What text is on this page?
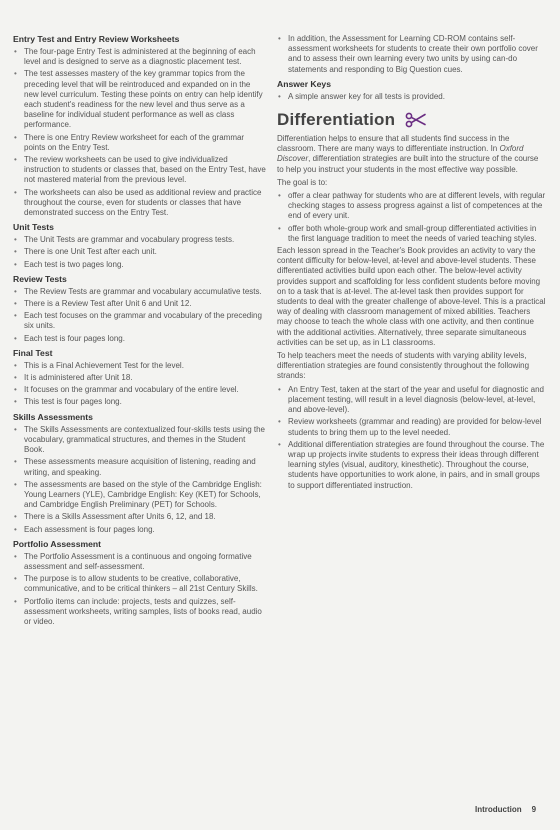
Entry Test and Entry Review Worksheets
• The four-page Entry Test is administered at the beginning of each level and is designed to serve as a diagnostic placement test.
• The test assesses mastery of the key grammar topics from the preceding level that will be reintroduced and expanded on in the new level curriculum. Testing these points on entry can help identify each student's readiness for the new level and thus serve as a baseline for individual student performance as well as class performance.
• There is one Entry Review worksheet for each of the grammar points on the Entry Test.
• The review worksheets can be used to give individualized instruction to students or classes that, based on the Entry Test, have not mastered material from the previous level.
• The worksheets can also be used as additional review and practice throughout the course, even for students or classes that have demonstrated success on the Entry Test.
Unit Tests
• The Unit Tests are grammar and vocabulary progress tests.
• There is one Unit Test after each unit.
• Each test is two pages long.
Review Tests
• The Review Tests are grammar and vocabulary accumulative tests.
• There is a Review Test after Unit 6 and Unit 12.
• Each test focuses on the grammar and vocabulary of the preceding six units.
• Each test is four pages long.
Final Test
• This is a Final Achievement Test for the level.
• It is administered after Unit 18.
• It focuses on the grammar and vocabulary of the entire level.
• This test is four pages long.
Skills Assessments
• The Skills Assessments are contextualized four-skills tests using the vocabulary, grammatical structures, and themes in the Student Book.
• These assessments measure acquisition of listening, reading and writing, and speaking.
• The assessments are based on the style of the Cambridge English: Young Learners (YLE), Cambridge English: Key (KET) for Schools, and Cambridge English Preliminary (PET) for Schools.
• There is a Skills Assessment after Units 6, 12, and 18.
• Each assessment is four pages long.
Portfolio Assessment
• The Portfolio Assessment is a continuous and ongoing formative assessment and self-assessment.
• The purpose is to allow students to be creative, collaborative, communicative, and to be critical thinkers – all 21st Century Skills.
• Portfolio items can include: projects, tests and quizzes, self-assessment worksheets, writing samples, lists of books read, audio or video.
• In addition, the Assessment for Learning CD-ROM contains self-assessment worksheets for students to create their own portfolio cover and to assess their own learning every two units by using can-do statements and responding to Big Question cues.
Answer Keys
• A simple answer key for all tests is provided.
Differentiation

Differentiation helps to ensure that all students find success in the classroom. There are many ways to differentiate instruction. In Oxford Discover, differentiation strategies are built into the structure of the course to help you instruct your students in the most effective way possible.

The goal is to:

• offer a clear pathway for students who are at different levels, with regular checking stages to assess progress against a list of competences at the end of every unit.
• offer both whole-group work and small-group differentiated activities in the first language tradition to meet the needs of varied teaching styles.

Each lesson spread in the Teacher's Book provides an activity to vary the content difficulty for below-level, at-level and above-level students. These differentiated activities build upon each other. The below-level activity provides support and scaffolding for less confident students before moving on to a task that is at-level. The at-level task then provides support for students to deal with the greater challenge of above-level. This is a practical way of dealing with classroom management of mixed abilities. Teachers may choose to teach the whole class with one activity, and then continue with the additional activities. Alternatively, three separate simultaneous activities can be set up, as in L1 classrooms.

To help teachers meet the needs of students with varying ability levels, differentiation strategies are found consistently throughout the following strands:

• An Entry Test, taken at the start of the year and useful for diagnostic and placement testing, will result in a level diagnosis (below-level, at-level, and above-level).
• Review worksheets (grammar and reading) are provided for below-level students to bring them up to the level needed.
• Additional differentiation strategies are found throughout the course. The wrap up projects invite students to express their ideas through different learning styles (visual, auditory, kinesthetic). Throughout the course, students have opportunities to work alone, in pairs, and in small groups to support differentiated instruction.
Introduction 9
